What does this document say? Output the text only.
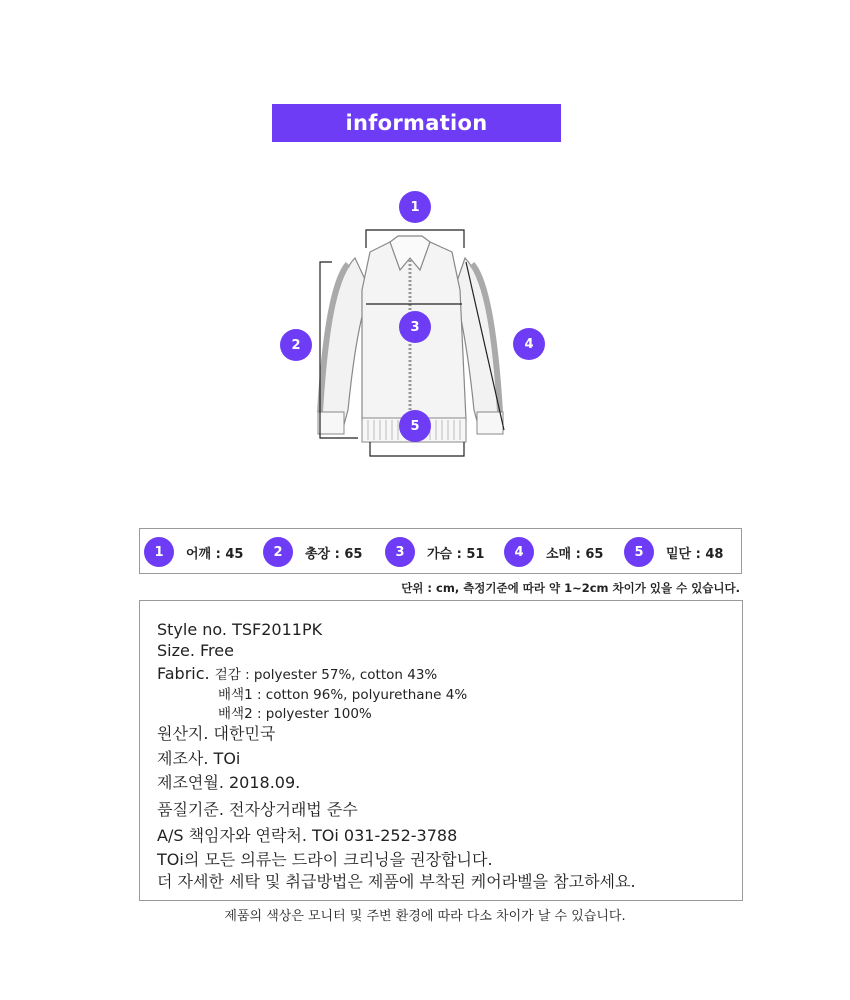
information
1
2
3
4
5
1	어깨 : 45	2	총장 : 65	3	가슴 : 51	4	소매 : 65	5	밑단 : 48
단위 : cm, 측정기준에 따라 약 1~2cm 차이가 있을 수 있습니다.
Style no. TSF2011PK
Size. Free
Fabric. 겉감 : polyester 57%, cotton 43%
배색1 : cotton 96%, polyurethane 4%
배색2 : polyester 100%
원산지. 대한민국
제조사. TOi
제조연월. 2018.09.
품질기준. 전자상거래법 준수
A/S 책임자와 연락처. TOi 031-252-3788
TOi의 모든 의류는 드라이 크리닝을 권장합니다.
더 자세한 세탁 및 취급방법은 제품에 부착된 케어라벨을 참고하세요.
제품의 색상은 모니터 및 주변 환경에 따라 다소 차이가 날 수 있습니다.
